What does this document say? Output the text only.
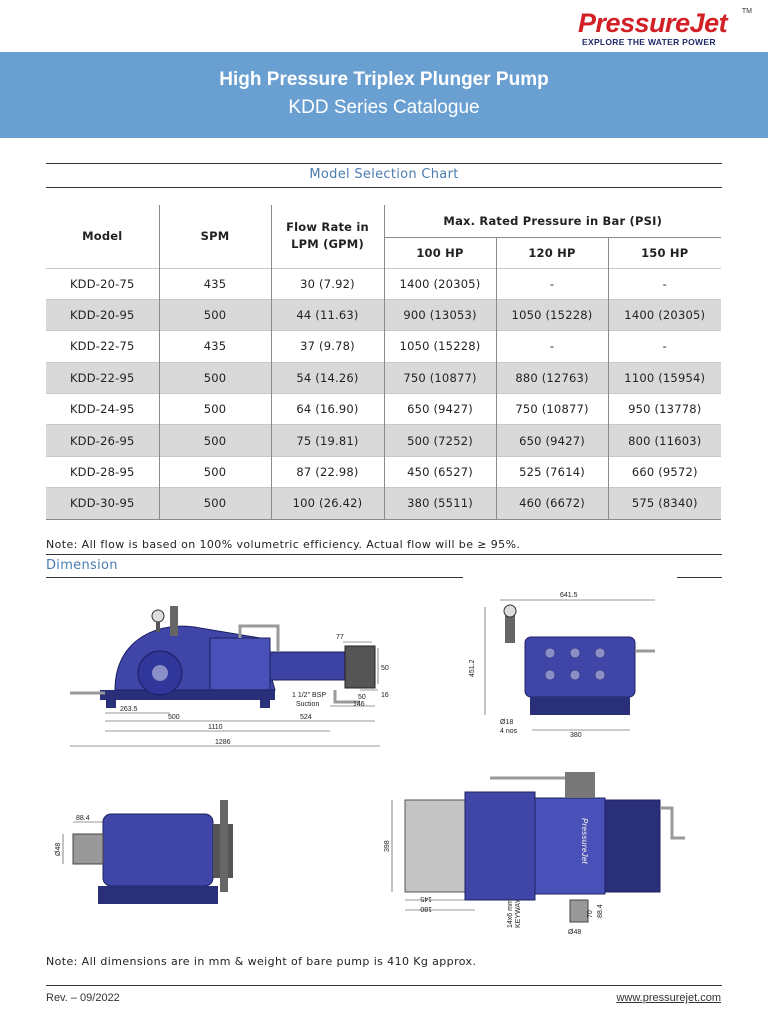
PressureJet TM
EXPLORE THE WATER POWER
High Pressure Triplex Plunger Pump
KDD Series Catalogue
Model Selection Chart
Model	SPM	Flow Rate in LPM (GPM)	Max. Rated Pressure in Bar (PSI)		
			100 HP	120 HP	150 HP
KDD-20-75	435	30 (7.92)	1400 (20305)	-	-
KDD-20-95	500	44 (11.63)	900 (13053)	1050 (15228)	1400 (20305)
KDD-22-75	435	37 (9.78)	1050 (15228)	-	-
KDD-22-95	500	54 (14.26)	750 (10877)	880 (12763)	1100 (15954)
KDD-24-95	500	64 (16.90)	650 (9427)	750 (10877)	950 (13778)
KDD-26-95	500	75 (19.81)	500 (7252)	650 (9427)	800 (11603)
KDD-28-95	500	87 (22.98)	450 (6527)	525 (7614)	660 (9572)
KDD-30-95	500	100 (26.42)	380 (5511)	460 (6672)	575 (8340)
Note: All flow is based on 100% volumetric efficiency. Actual flow will be ≥ 95%.
Dimension
77
50
50 16
146
1 1/2" BSP
Suction
263.5
500	524
1110
1286
641.5
451.2
Ø18
4 nos
380
88.4
Ø48	PressureJet
398
145
180	14x6 mm KEYWAY
Ø48
70 88.4
Note: All dimensions are in mm & weight of bare pump is 410 Kg approx.
Rev. – 09/2022	www.pressurejet.com
